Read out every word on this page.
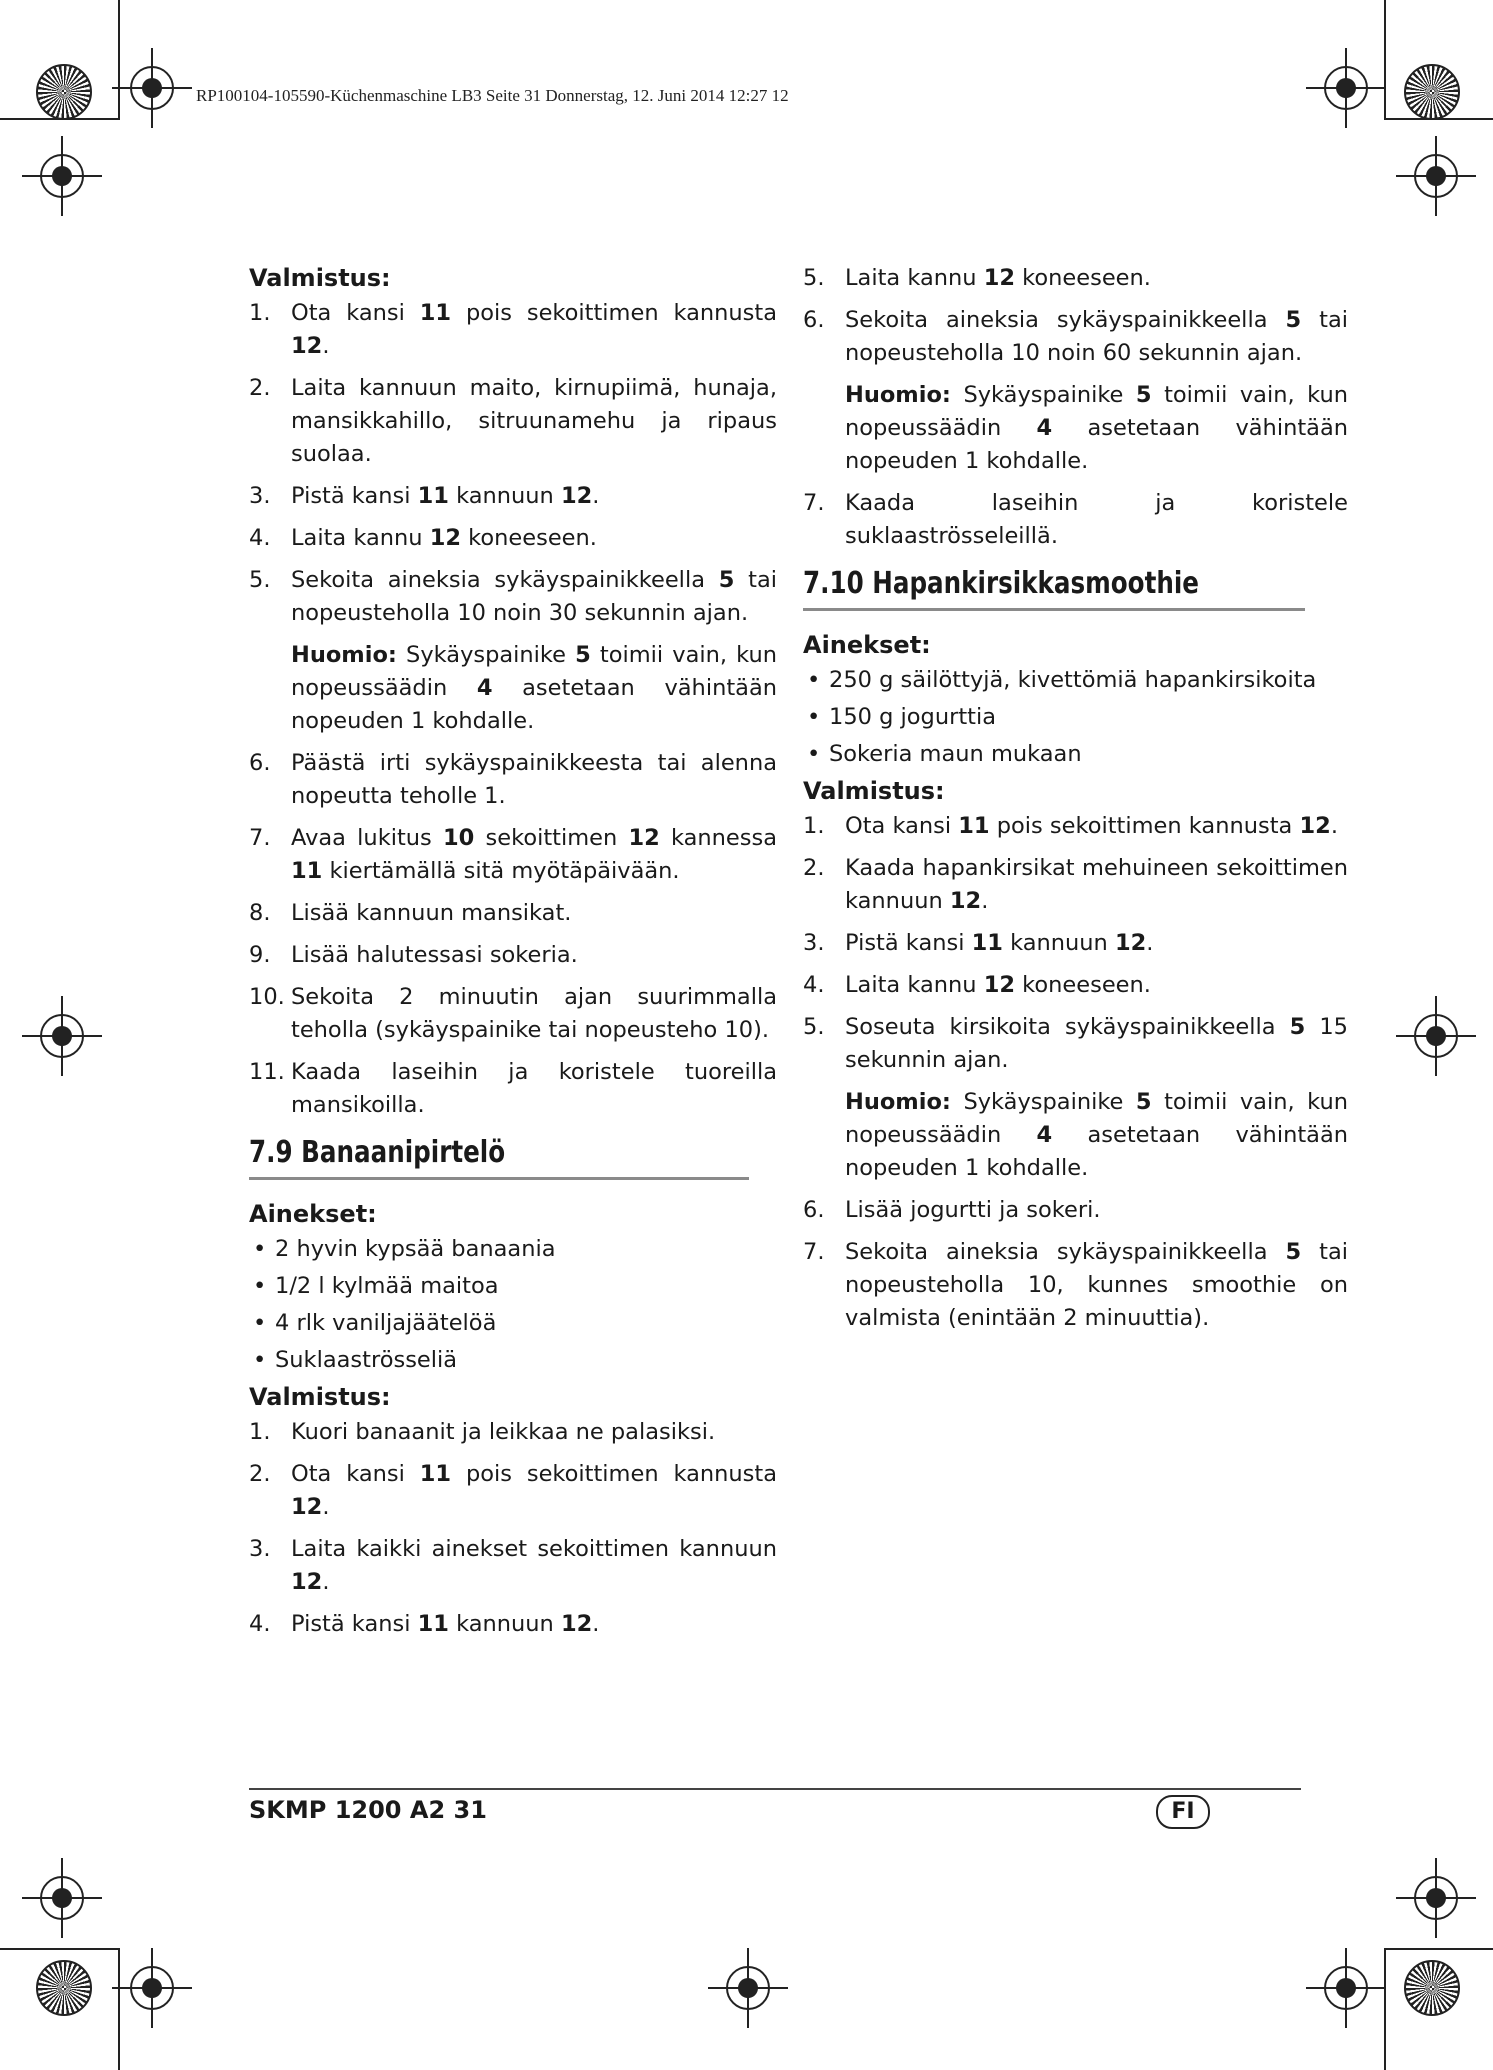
RP100104-105590-Küchenmaschine LB3 Seite 31 Donnerstag, 12. Juni 2014 12:27 12
Valmistus:
1. Ota kansi 11 pois sekoittimen kannusta 12.
2. Laita kannuun maito, kirnupiimä, hunaja, mansikkahillo, sitruunamehu ja ripaus suolaa.
3. Pistä kansi 11 kannuun 12.
4. Laita kannu 12 koneeseen.
5. Sekoita aineksia sykäyspainikkeella 5 tai nopeusteholla 10 noin 30 sekunnin ajan.
Huomio: Sykäyspainike 5 toimii vain, kun nopeussäädin 4 asetetaan vähintään nopeuden 1 kohdalle.
6. Päästä irti sykäyspainikkeesta tai alenna nopeutta teholle 1.
7. Avaa lukitus 10 sekoittimen 12 kannessa 11 kiertämällä sitä myötäpäivään.
8. Lisää kannuun mansikat.
9. Lisää halutessasi sokeria.
10. Sekoita 2 minuutin ajan suurimmalla teholla (sykäyspainike tai nopeusteho 10).
11. Kaada laseihin ja koristele tuoreilla mansikoilla.
7.9 Banaanipirtelö
Ainekset:
• 2 hyvin kypsää banaania
• 1/2 l kylmää maitoa
• 4 rlk vaniljajäätelöä
• Suklaaströsseliä
Valmistus:
1. Kuori banaanit ja leikkaa ne palasiksi.
2. Ota kansi 11 pois sekoittimen kannusta 12.
3. Laita kaikki ainekset sekoittimen kannuun 12.
4. Pistä kansi 11 kannuun 12.
5. Laita kannu 12 koneeseen.
6. Sekoita aineksia sykäyspainikkeella 5 tai nopeusteholla 10 noin 60 sekunnin ajan.
Huomio: Sykäyspainike 5 toimii vain, kun nopeussäädin 4 asetetaan vähintään nopeuden 1 kohdalle.
7. Kaada laseihin ja koristele suklaaströsseleillä.
7.10 Hapankirsikkasmoothie
Ainekset:
• 250 g säilöttyjä, kivettömiä hapankirsikoita
• 150 g jogurttia
• Sokeria maun mukaan
Valmistus:
1. Ota kansi 11 pois sekoittimen kannusta 12.
2. Kaada hapankirsikat mehuineen sekoittimen kannuun 12.
3. Pistä kansi 11 kannuun 12.
4. Laita kannu 12 koneeseen.
5. Soseuta kirsikoita sykäyspainikkeella 5 15 sekunnin ajan.
Huomio: Sykäyspainike 5 toimii vain, kun nopeussäädin 4 asetetaan vähintään nopeuden 1 kohdalle.
6. Lisää jogurtti ja sokeri.
7. Sekoita aineksia sykäyspainikkeella 5 tai nopeusteholla 10, kunnes smoothie on valmista (enintään 2 minuuttia).
SKMP 1200 A2 31	FI
